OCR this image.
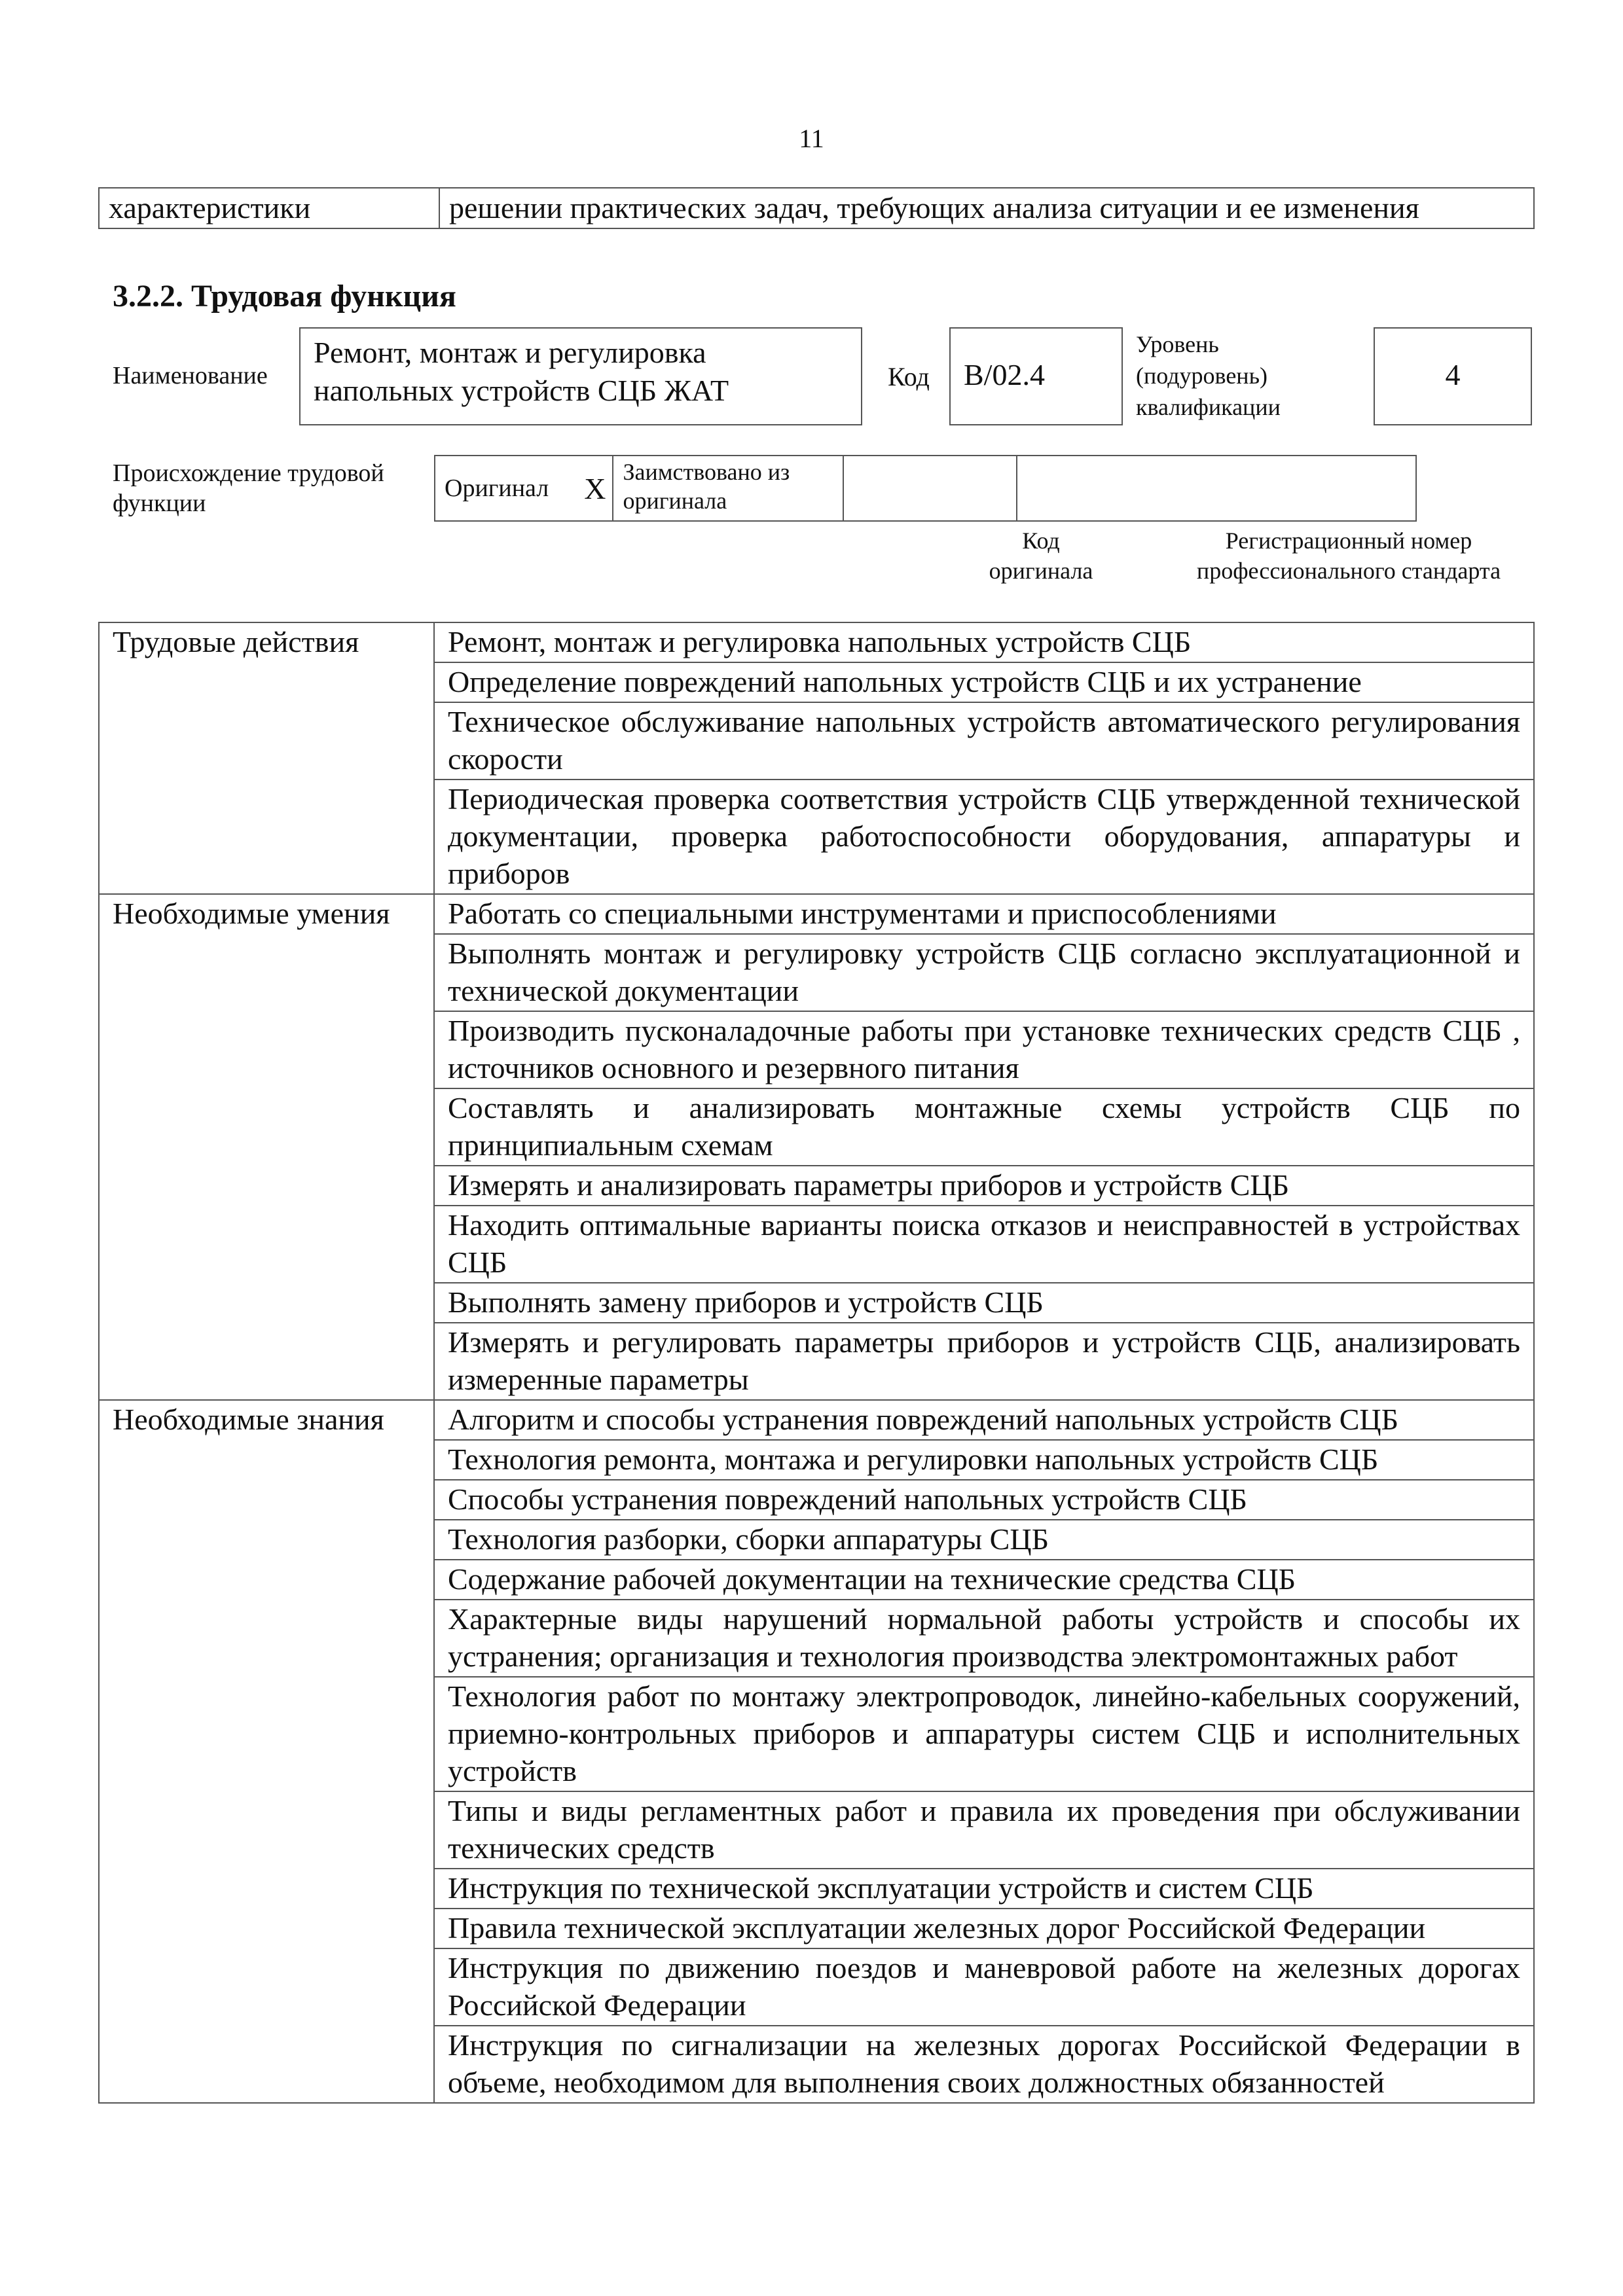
11
характеристики	решении практических задач, требующих анализа ситуации и ее изменения
3.2.2. Трудовая функция
Наименование
Ремонт, монтаж и регулировка напольных устройств СЦБ ЖАТ	Код	B/02.4
Уровень (подуровень) квалификации
4
Происхождение трудовой функции
Оригинал	X	Заимствовано из оригинала		
Код оригинала
Регистрационный номер профессионального стандарта
Трудовые действия	Ремонт, монтаж и регулировка напольных устройств СЦБ
	Определение повреждений напольных устройств СЦБ и их устранение
	Техническое обслуживание напольных устройств автоматического регулирования скорости
	Периодическая проверка соответствия устройств СЦБ утвержденной технической документации, проверка работоспособности оборудования, аппаратуры и приборов
Необходимые умения	Работать со специальными инструментами и приспособлениями
	Выполнять монтаж и регулировку устройств СЦБ согласно эксплуатационной и технической документации
	Производить пусконаладочные работы при установке технических средств СЦБ , источников основного и резервного питания
	Составлять и анализировать монтажные схемы устройств СЦБ по принципиальным схемам
	Измерять и анализировать параметры приборов и устройств СЦБ
	Находить оптимальные варианты поиска отказов и неисправностей в устройствах СЦБ
	Выполнять замену приборов и устройств СЦБ
	Измерять и регулировать параметры приборов и устройств СЦБ, анализировать измеренные параметры
Необходимые знания	Алгоритм и способы устранения повреждений напольных устройств СЦБ
	Технология ремонта, монтажа и регулировки напольных устройств СЦБ
	Способы устранения повреждений напольных устройств СЦБ
	Технология разборки, сборки аппаратуры СЦБ
	Содержание рабочей документации на технические средства СЦБ
	Характерные виды нарушений нормальной работы устройств и способы их устранения; организация и технология производства электромонтажных работ
	Технология работ по монтажу электропроводок, линейно-кабельных сооружений, приемно-контрольных приборов и аппаратуры систем СЦБ и исполнительных устройств
	Типы и виды регламентных работ и правила их проведения при обслуживании технических средств
	Инструкция по технической эксплуатации устройств и систем СЦБ
	Правила технической эксплуатации железных дорог Российской Федерации
	Инструкция по движению поездов и маневровой работе на железных дорогах Российской Федерации
	Инструкция по сигнализации на железных дорогах Российской Федерации в объеме, необходимом для выполнения своих должностных обязанностей
